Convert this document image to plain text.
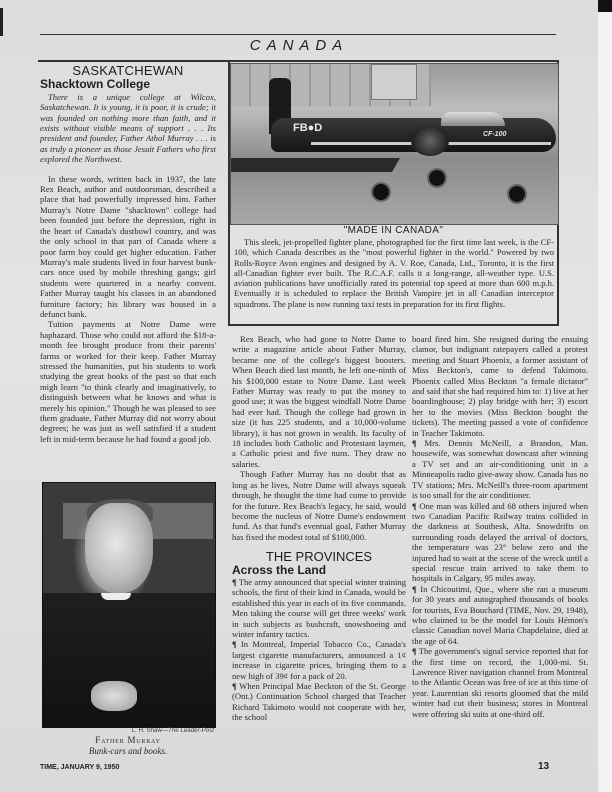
CANADA
SASKATCHEWAN
Shacktown College

There is a unique college at Wilcox, Saskatchewan. It is young, it is poor, it is crude; it was founded on nothing more than faith, and it exists without visible means of support . . . Its president and founder, Father Athol Murray . . . is as truly a pioneer as those Jesuit Fathers who first explored the Northwest.

In these words, written back in 1937, the late Rex Beach, author and outdoorsman, described a place that had powerfully impressed him. Father Murray's Notre Dame "shacktown" college had been founded just before the depression, right in the heart of Canada's dustbowl country, and was the only school in that part of Canada where a poor farm boy could get higher education. Father Murray's male students lived in four harvest bunk-cars once used by mobile threshing gangs; girl students were quartered in a nearby convent. Father Murray taught his classes in an abandoned furniture factory; his library was housed in a defunct bank.

Tuition payments at Notre Dame were haphazard. Those who could not afford the $18-a-month fee brought produce from their parents' farms or worked for their keep. Father Murray stressed the humanities, put his students to work studying the great books of the past so that each migh learn "to think clearly and imaginatively, to distinguish between what he knows and what is merely his opinion." Though he was pleased to see them graduate, Father Murray did not worry about degrees; he was just as well satisfied if a student left in mid-term because he had found a good job.

L. H. Shaw—The Leader-Post
Father Murray
Bunk-cars and books.
FB●D
CF-100
"MADE IN CANADA"
This sleek, jet-propelled fighter plane, photographed for the first time last week, is the CF-100, which Canada describes as the "most powerful fighter in the world." Powered by two Rolls-Royce Avon engines and designed by A. V. Roe, Canada, Ltd., Toronto, it is the first all-Canadian fighter ever built. The R.C.A.F. calls it a long-range, all-weather type. U.S. aviation publications have unofficially rated its potential top speed at more than 600 m.p.h. Eventually it is scheduled to replace the British Vampire jet in all Canadian interceptor squadrons. The plane is now running taxi tests in preparation for its first flights.

Rex Beach, who had gone to Notre Dame to write a magazine article about Father Murray, became one of the college's biggest boosters. When Beach died last month, he left one-ninth of his $100,000 estate to Notre Dame. Last week Father Murray was ready to put the money to good use; it was the biggest windfall Notre Dame had ever had. Though the college had grown in size (it has 225 students, and a 10,000-volume library), it has not grown in wealth. Its faculty of 18 includes both Catholic and Protestant laymen, a Catholic priest and five nuns. They draw no salaries.

Though Father Murray has no doubt that as long as he lives, Notre Dame will always squeak through, he thought the time had come to provide for the future. Rex Beach's legacy, he said, would become the nucleus of Notre Dame's endowment fund. As that fund's eventual goal, Father Murray has fixed the modest total of $100,000.

THE PROVINCES
Across the Land

¶ The army announced that special winter training schools, the first of their kind in Canada, would be established this year in each of its five commands. Men taking the course will get three weeks' work in such subjects as bushcraft, snowshoeing and winter infantry tactics.

¶ In Montreal, Imperial Tobacco Co., Canada's largest cigarette manufacturers, announced a 1¢ increase in cigarette prices, bringing them to a new high of 39¢ for a pack of 20.

¶ When Principal Mae Beckton of the St. George (Ont.) Continuation School charged that Teacher Richard Takimoto would not cooperate with her, the school

board fired him. She resigned during the ensuing clamor, but indignant ratepayers called a protest meeting and Stuart Phoenix, a former assistant of Miss Beckton's, came to defend Takimoto. Phoenix called Miss Beckton "a female dictator" and said that she had required him to: 1) live at her boardinghouse; 2) play bridge with her; 3) escort her to the movies (Miss Beckton bought the tickets). The meeting passed a vote of confidence in Teacher Takimoto.

¶ Mrs. Dennis McNeill, a Brandon, Man. housewife, was somewhat downcast after winning a TV set and an air-conditioning unit in a Minneapolis radio give-away show. Canada has no TV stations; Mrs. McNeill's three-room apartment is too small for the air conditioner.

¶ One man was killed and 68 others injured when two Canadian Pacific Railway trains collided in the darkness at Southesk, Alta. Snowdrifts on surrounding roads delayed the arrival of doctors, the temperature was 23° below zero and the injured had to wait at the scene of the wreck until a special rescue train arrived to take them to hospitals in Calgary, 95 miles away.

¶ In Chicoutimi, Que., where she ran a museum for 30 years and autographed thousands of books for tourists, Eva Bouchard (TIME, Nov. 29, 1948), who claimed to be the model for Louis Hémon's classic Canadian novel Maria Chapdelaine, died at the age of 64.

¶ The government's signal service reported that for the first time on record, the 1,000-mi. St. Lawrence River navigation channel from Montreal to the Atlantic Ocean was free of ice at this time of year. Laurentian ski resorts gloomed that the mild winter had cut their business; stores in Montreal were offering ski suits at one-third off.

TIME, JANUARY 9, 1950	13
